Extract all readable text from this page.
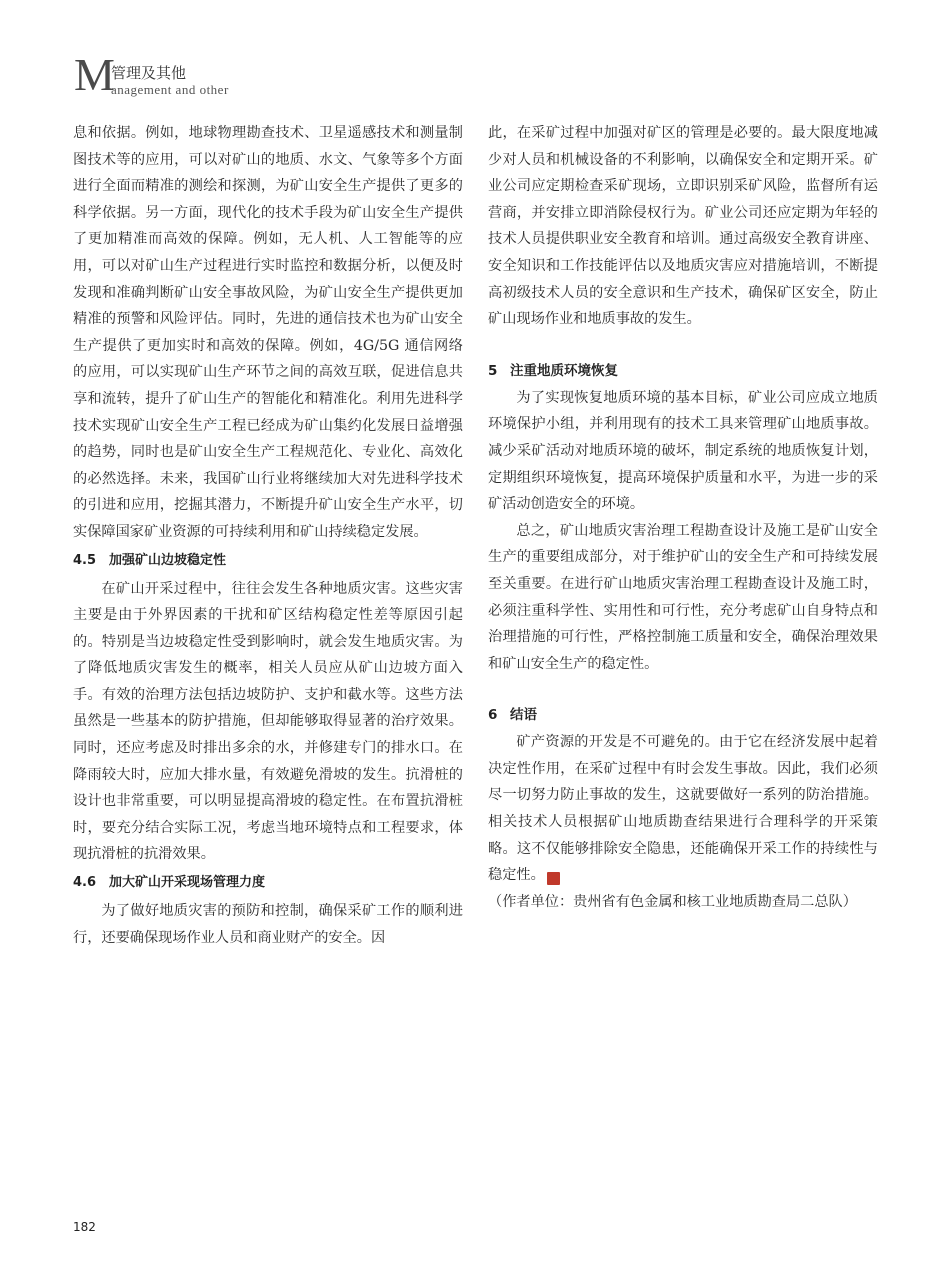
M
管理及其他
anagement and other

息和依据。例如，地球物理勘查技术、卫星遥感技术和测量制图技术等的应用，可以对矿山的地质、水文、气象等多个方面进行全面而精准的测绘和探测，为矿山安全生产提供了更多的科学依据。另一方面，现代化的技术手段为矿山安全生产提供了更加精准而高效的保障。例如，无人机、人工智能等的应用，可以对矿山生产过程进行实时监控和数据分析，以便及时发现和准确判断矿山安全事故风险，为矿山安全生产提供更加精准的预警和风险评估。同时，先进的通信技术也为矿山安全生产提供了更加实时和高效的保障。例如，4G/5G 通信网络的应用，可以实现矿山生产环节之间的高效互联，促进信息共享和流转，提升了矿山生产的智能化和精准化。利用先进科学技术实现矿山安全生产工程已经成为矿山集约化发展日益增强的趋势，同时也是矿山安全生产工程规范化、专业化、高效化的必然选择。未来，我国矿山行业将继续加大对先进科学技术的引进和应用，挖掘其潜力，不断提升矿山安全生产水平，切实保障国家矿业资源的可持续利用和矿山持续稳定发展。

4.5　加强矿山边坡稳定性

在矿山开采过程中，往往会发生各种地质灾害。这些灾害主要是由于外界因素的干扰和矿区结构稳定性差等原因引起的。特别是当边坡稳定性受到影响时，就会发生地质灾害。为了降低地质灾害发生的概率，相关人员应从矿山边坡方面入手。有效的治理方法包括边坡防护、支护和截水等。这些方法虽然是一些基本的防护措施，但却能够取得显著的治疗效果。同时，还应考虑及时排出多余的水，并修建专门的排水口。在降雨较大时，应加大排水量，有效避免滑坡的发生。抗滑桩的设计也非常重要，可以明显提高滑坡的稳定性。在布置抗滑桩时，要充分结合实际工况，考虑当地环境特点和工程要求，体现抗滑桩的抗滑效果。

4.6　加大矿山开采现场管理力度

为了做好地质灾害的预防和控制，确保采矿工作的顺利进行，还要确保现场作业人员和商业财产的安全。因

此，在采矿过程中加强对矿区的管理是必要的。最大限度地减少对人员和机械设备的不利影响，以确保安全和定期开采。矿业公司应定期检查采矿现场，立即识别采矿风险，监督所有运营商，并安排立即消除侵权行为。矿业公司还应定期为年轻的技术人员提供职业安全教育和培训。通过高级安全教育讲座、安全知识和工作技能评估以及地质灾害应对措施培训，不断提高初级技术人员的安全意识和生产技术，确保矿区安全，防止矿山现场作业和地质事故的发生。

5 注重地质环境恢复

为了实现恢复地质环境的基本目标，矿业公司应成立地质环境保护小组，并利用现有的技术工具来管理矿山地质事故。减少采矿活动对地质环境的破坏，制定系统的地质恢复计划，定期组织环境恢复，提高环境保护质量和水平，为进一步的采矿活动创造安全的环境。

总之，矿山地质灾害治理工程勘查设计及施工是矿山安全生产的重要组成部分，对于维护矿山的安全生产和可持续发展至关重要。在进行矿山地质灾害治理工程勘查设计及施工时，必须注重科学性、实用性和可行性，充分考虑矿山自身特点和治理措施的可行性，严格控制施工质量和安全，确保治理效果和矿山安全生产的稳定性。

6 结语

矿产资源的开发是不可避免的。由于它在经济发展中起着决定性作用，在采矿过程中有时会发生事故。因此，我们必须尽一切努力防止事故的发生，这就要做好一系列的防治措施。相关技术人员根据矿山地质勘查结果进行合理科学的开采策略。这不仅能够排除安全隐患，还能确保开采工作的持续性与稳定性。	通

（作者单位：贵州省有色金属和核工业地质勘查局二总队）

182
